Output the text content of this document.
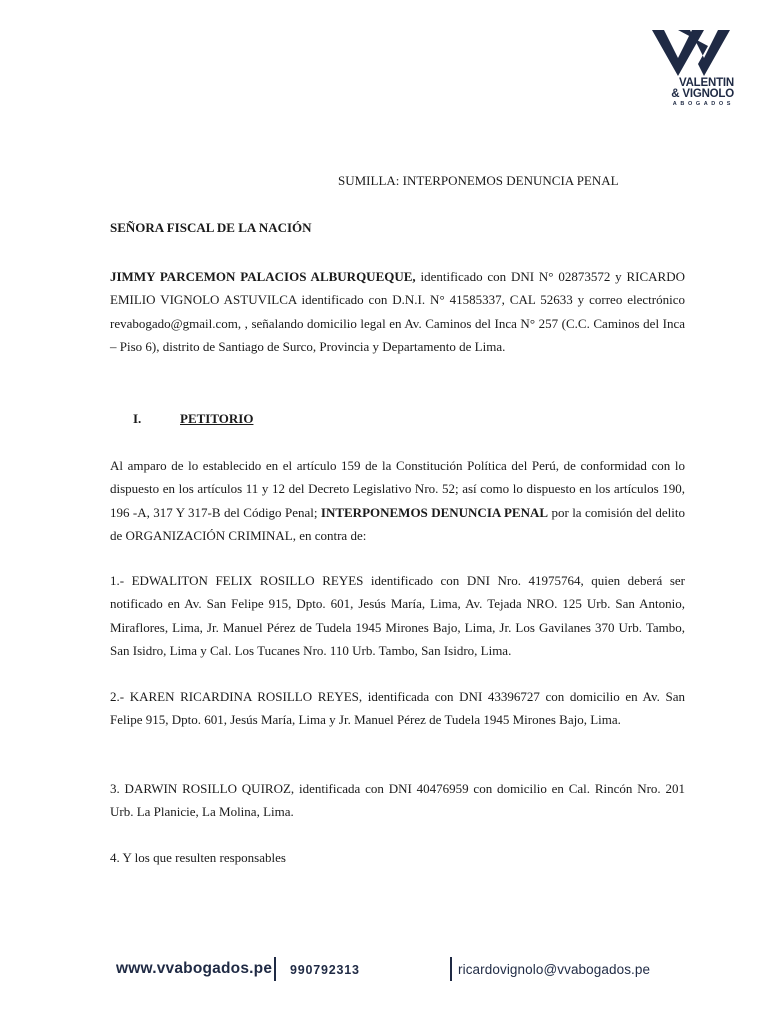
VALENTIN
& VIGNOLO
ABOGADOS
SUMILLA: INTERPONEMOS DENUNCIA PENAL
SEÑORA FISCAL DE LA NACIÓN
JIMMY PARCEMON PALACIOS ALBURQUEQUE, identificado con DNI N° 02873572 y RICARDO EMILIO VIGNOLO ASTUVILCA identificado con D.N.I. N° 41585337, CAL 52633 y correo electrónico revabogado@gmail.com, , señalando domicilio legal en Av. Caminos del Inca N° 257 (C.C. Caminos del Inca – Piso 6), distrito de Santiago de Surco, Provincia y Departamento de Lima.
I.	PETITORIO
Al amparo de lo establecido en el artículo 159 de la Constitución Política del Perú, de conformidad con lo dispuesto en los artículos 11 y 12 del Decreto Legislativo Nro. 52; así como lo dispuesto en los artículos 190, 196 -A, 317 Y 317-B del Código Penal; INTERPONEMOS DENUNCIA PENAL por la comisión del delito de ORGANIZACIÓN CRIMINAL, en contra de:
1.- EDWALITON FELIX ROSILLO REYES identificado con DNI Nro. 41975764, quien deberá ser notificado en Av. San Felipe 915, Dpto. 601, Jesús María, Lima, Av. Tejada NRO. 125 Urb. San Antonio, Miraflores, Lima, Jr. Manuel Pérez de Tudela 1945 Mirones Bajo, Lima, Jr. Los Gavilanes 370 Urb. Tambo, San Isidro, Lima y Cal. Los Tucanes Nro. 110 Urb. Tambo, San Isidro, Lima.
2.- KAREN RICARDINA ROSILLO REYES, identificada con DNI 43396727 con domicilio en Av. San Felipe 915, Dpto. 601, Jesús María, Lima y Jr. Manuel Pérez de Tudela 1945 Mirones Bajo, Lima.
3. DARWIN ROSILLO QUIROZ, identificada con DNI 40476959 con domicilio en Cal. Rincón Nro. 201 Urb. La Planicie, La Molina, Lima.
4. Y los que resulten responsables
www.vvabogados.pe 990792313	ricardovignolo@vvabogados.pe
